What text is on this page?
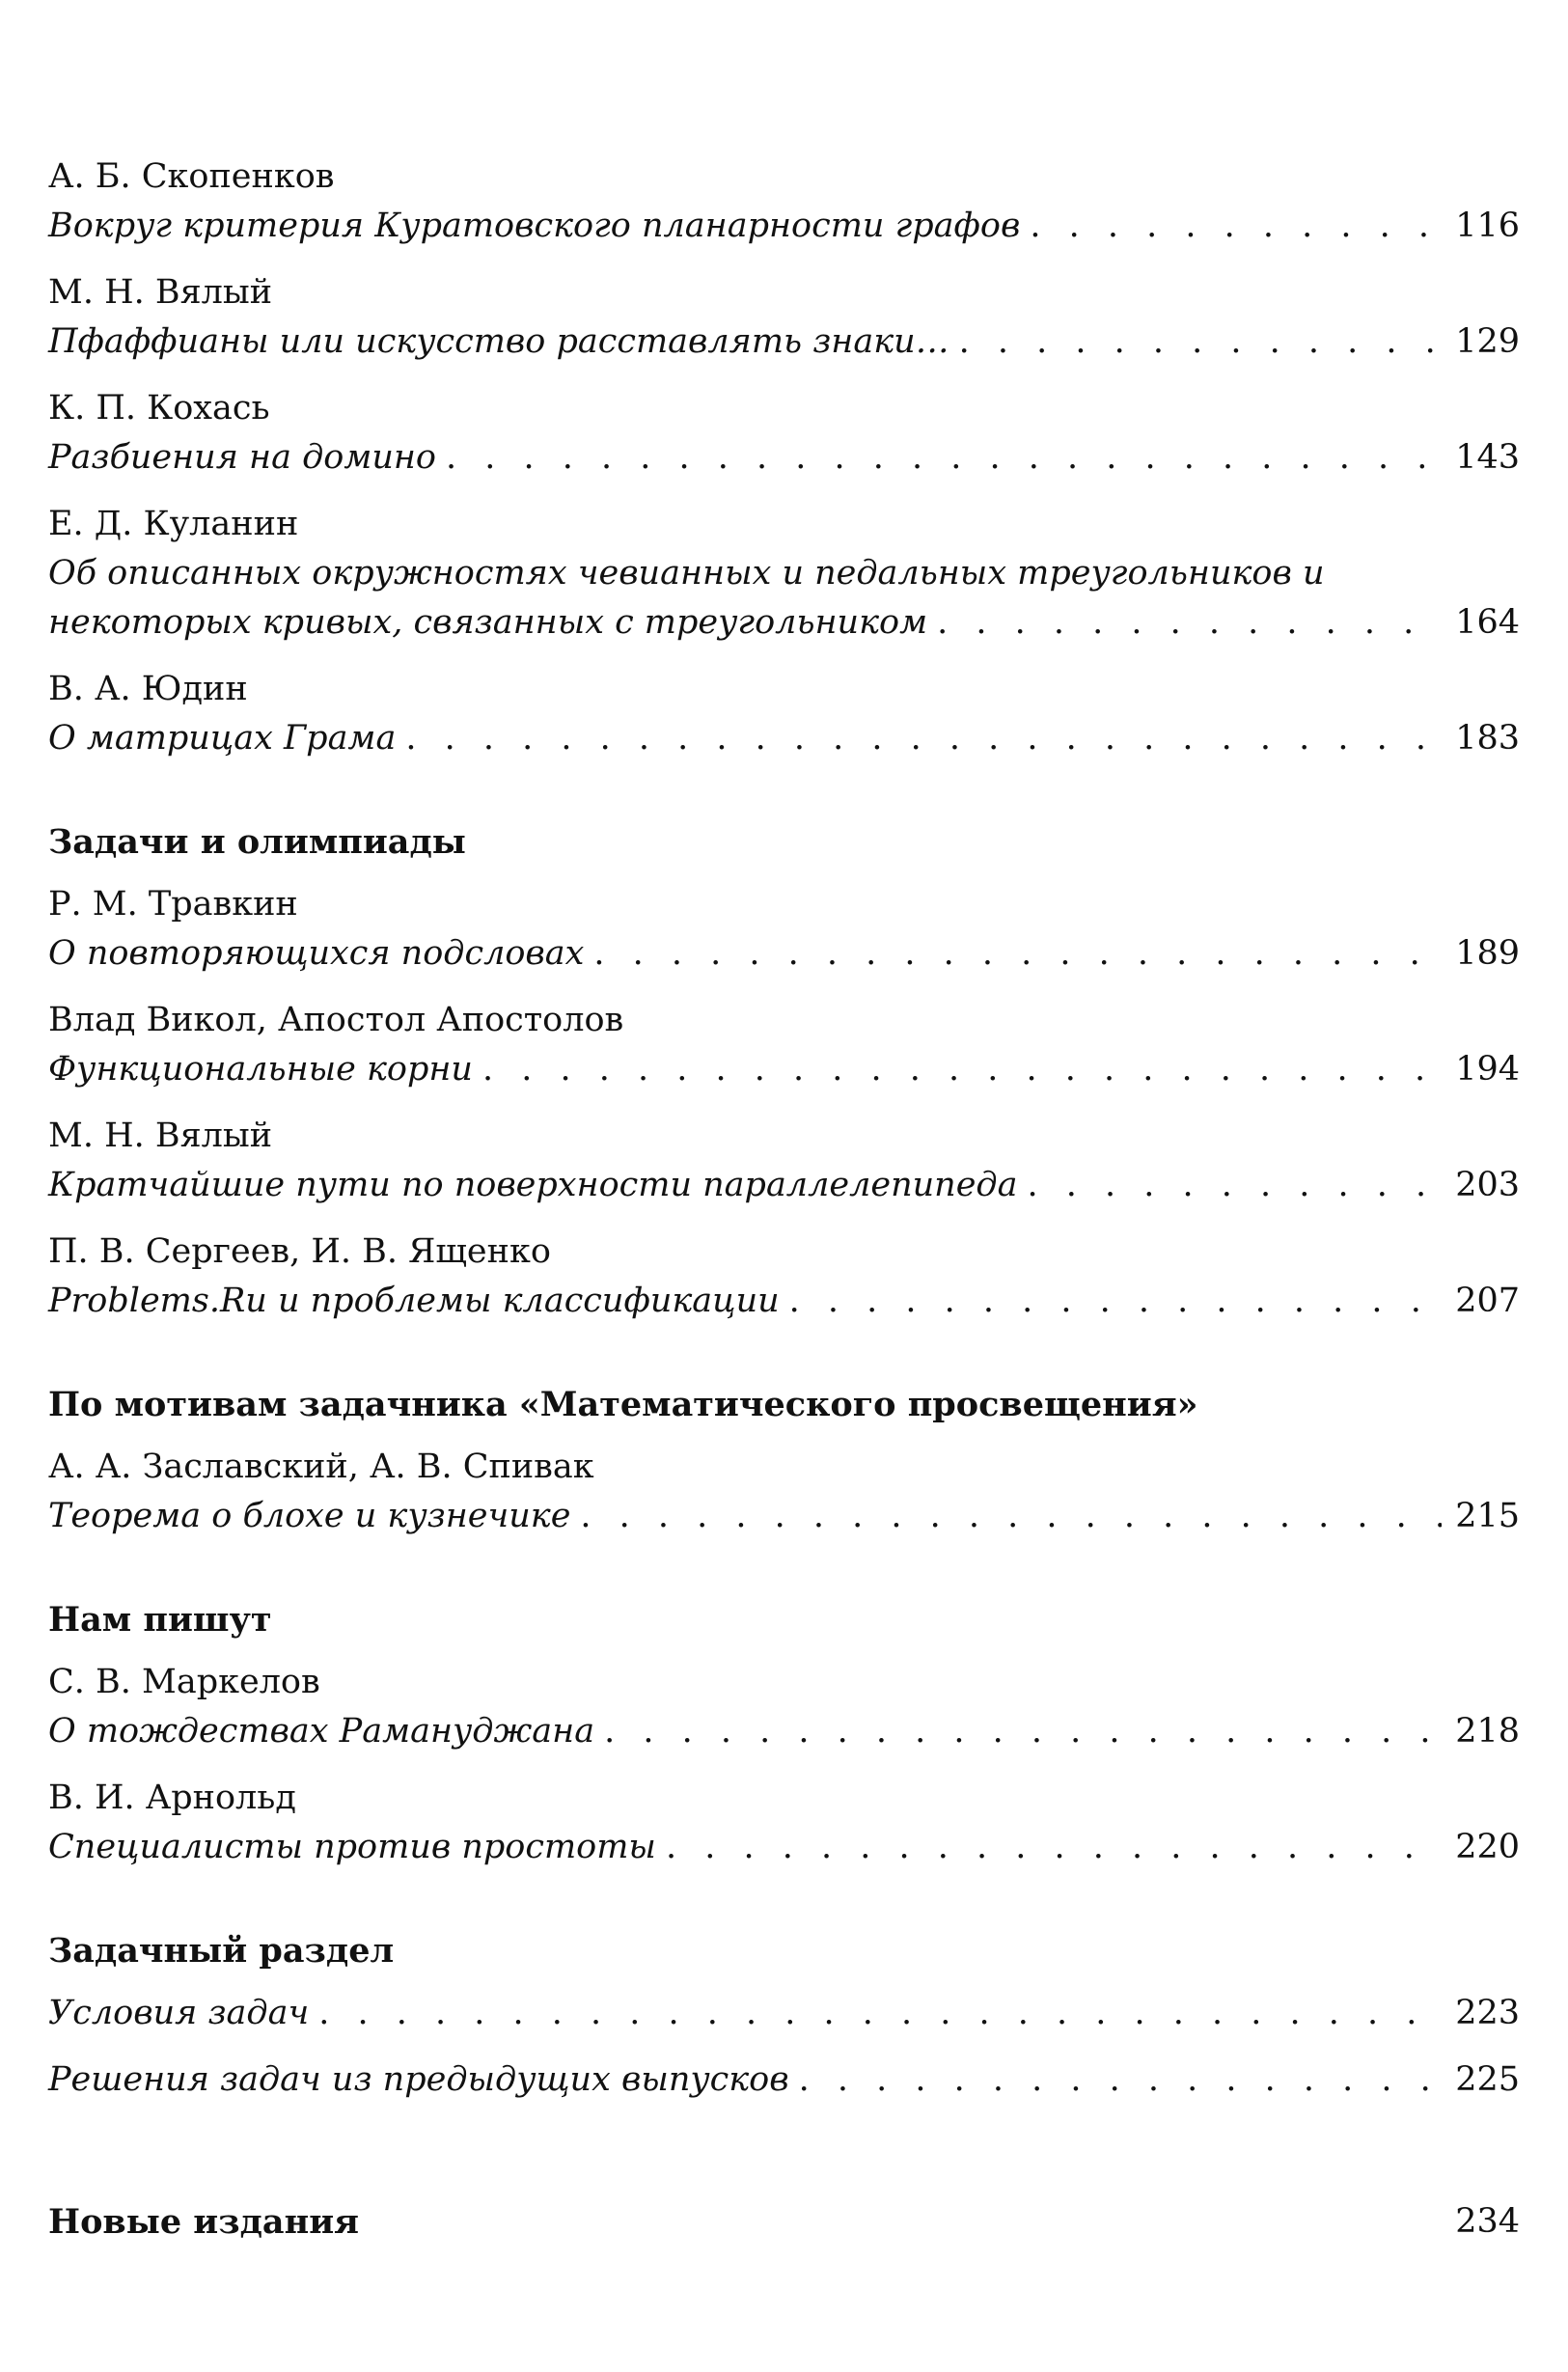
А. Б. Скопенков
Вокруг критерия Куратовского планарности графов . . .	116
М. Н. Вялый
Пфаффианы или искусство расставлять знаки… . . .	129
К. П. Кохась
Разбиения на домино . . .	143
Е. Д. Куланин
Об описанных окружностях чевианных и педальных треугольников и
некоторых кривых, связанных с треугольником . . .	164
В. А. Юдин
О матрицах Грама . . .	183
Задачи и олимпиады
Р. М. Травкин
О повторяющихся подсловах . . .	189
Влад Викол, Апостол Апостолов
Функциональные корни . . .	194
М. Н. Вялый
Кратчайшие пути по поверхности параллелепипеда . . .	203
П. В. Сергеев, И. В. Ященко
Problems.Ru и проблемы классификации . . .	207
По мотивам задачника «Математического просвещения»
А. А. Заславский, А. В. Спивак
Теорема о блохе и кузнечике . . .	215
Нам пишут
С. В. Маркелов
О тождествах Рамануджана . . .	218
В. И. Арнольд
Специалисты против простоты . . .	220
Задачный раздел
Условия задач . . .	223
Решения задач из предыдущих выпусков . . .	225
Новые издания	234
